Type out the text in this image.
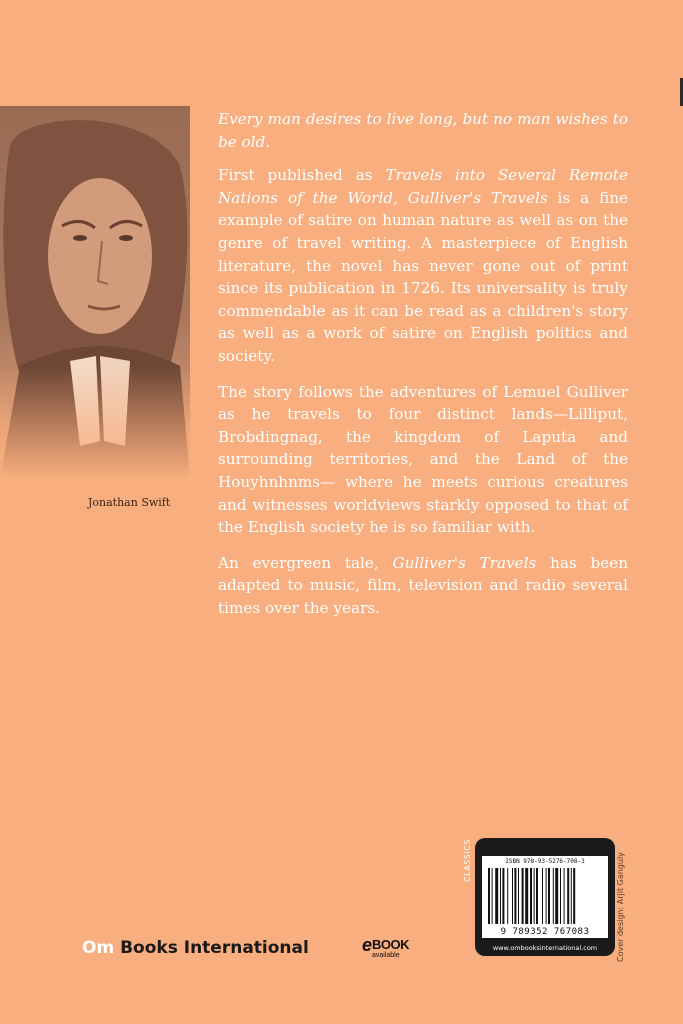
Jonathan Swift

Every man desires to live long, but no man wishes to be old.

First published as Travels into Several Remote Nations of the World, Gulliver's Travels is a fine example of satire on human nature as well as on the genre of travel writing. A masterpiece of English literature, the novel has never gone out of print since its publication in 1726. Its universality is truly commendable as it can be read as a children's story as well as a work of satire on English politics and society.

The story follows the adventures of Lemuel Gulliver as he travels to four distinct lands—Lilliput, Brobdingnag, the kingdom of Laputa and surrounding territories, and the Land of the Houyhnhnms— where he meets curious creatures and witnesses worldviews starkly opposed to that of the English society he is so familiar with.

An evergreen tale, Gulliver's Travels has been adapted to music, film, television and radio several times over the years.

Om Books International	eBOOK
available
CLASSICS	ISBN 978-93-5276-708-3
9 789352 767083
www.ombooksinternational.com	Cover design: Arjit Ganguly
